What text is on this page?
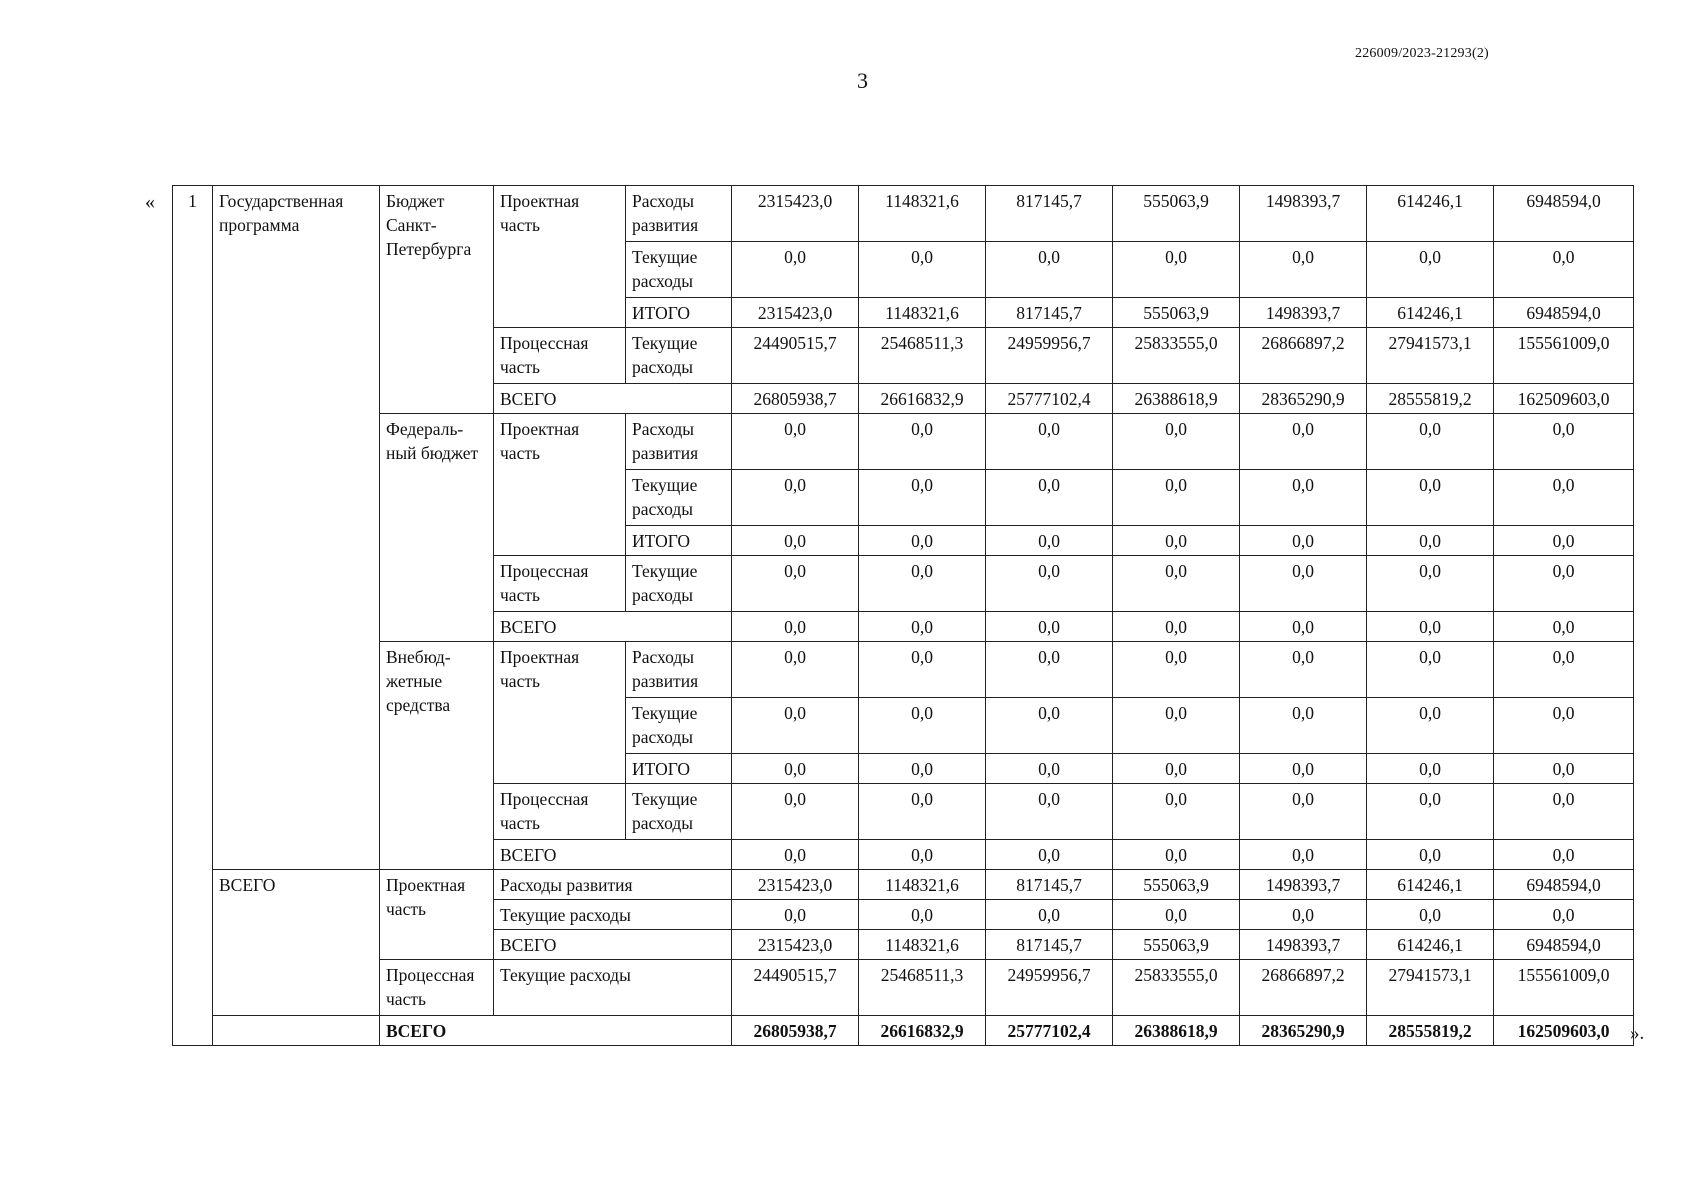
226009/2023-21293(2)
3
«
».
1	Государственная программа	Бюджет Санкт-Петербурга	Проектная часть	Расходы развития	2315423,0	1148321,6	817145,7	555063,9	1498393,7	614246,1	6948594,0
				Текущие расходы	0,0	0,0	0,0	0,0	0,0	0,0	0,0
				ИТОГО	2315423,0	1148321,6	817145,7	555063,9	1498393,7	614246,1	6948594,0
			Процессная часть	Текущие расходы	24490515,7	25468511,3	24959956,7	25833555,0	26866897,2	27941573,1	155561009,0
			ВСЕГО		26805938,7	26616832,9	25777102,4	26388618,9	28365290,9	28555819,2	162509603,0
		Федераль-ный бюджет	Проектная часть	Расходы развития	0,0	0,0	0,0	0,0	0,0	0,0	0,0
				Текущие расходы	0,0	0,0	0,0	0,0	0,0	0,0	0,0
				ИТОГО	0,0	0,0	0,0	0,0	0,0	0,0	0,0
			Процессная часть	Текущие расходы	0,0	0,0	0,0	0,0	0,0	0,0	0,0
			ВСЕГО		0,0	0,0	0,0	0,0	0,0	0,0	0,0
		Внебюд-жетные средства	Проектная часть	Расходы развития	0,0	0,0	0,0	0,0	0,0	0,0	0,0
				Текущие расходы	0,0	0,0	0,0	0,0	0,0	0,0	0,0
				ИТОГО	0,0	0,0	0,0	0,0	0,0	0,0	0,0
			Процессная часть	Текущие расходы	0,0	0,0	0,0	0,0	0,0	0,0	0,0
			ВСЕГО		0,0	0,0	0,0	0,0	0,0	0,0	0,0
	ВСЕГО	Проектная часть	Расходы развития		2315423,0	1148321,6	817145,7	555063,9	1498393,7	614246,1	6948594,0
			Текущие расходы		0,0	0,0	0,0	0,0	0,0	0,0	0,0
			ВСЕГО		2315423,0	1148321,6	817145,7	555063,9	1498393,7	614246,1	6948594,0
		Процессная часть	Текущие расходы		24490515,7	25468511,3	24959956,7	25833555,0	26866897,2	27941573,1	155561009,0
		ВСЕГО			26805938,7	26616832,9	25777102,4	26388618,9	28365290,9	28555819,2	162509603,0
